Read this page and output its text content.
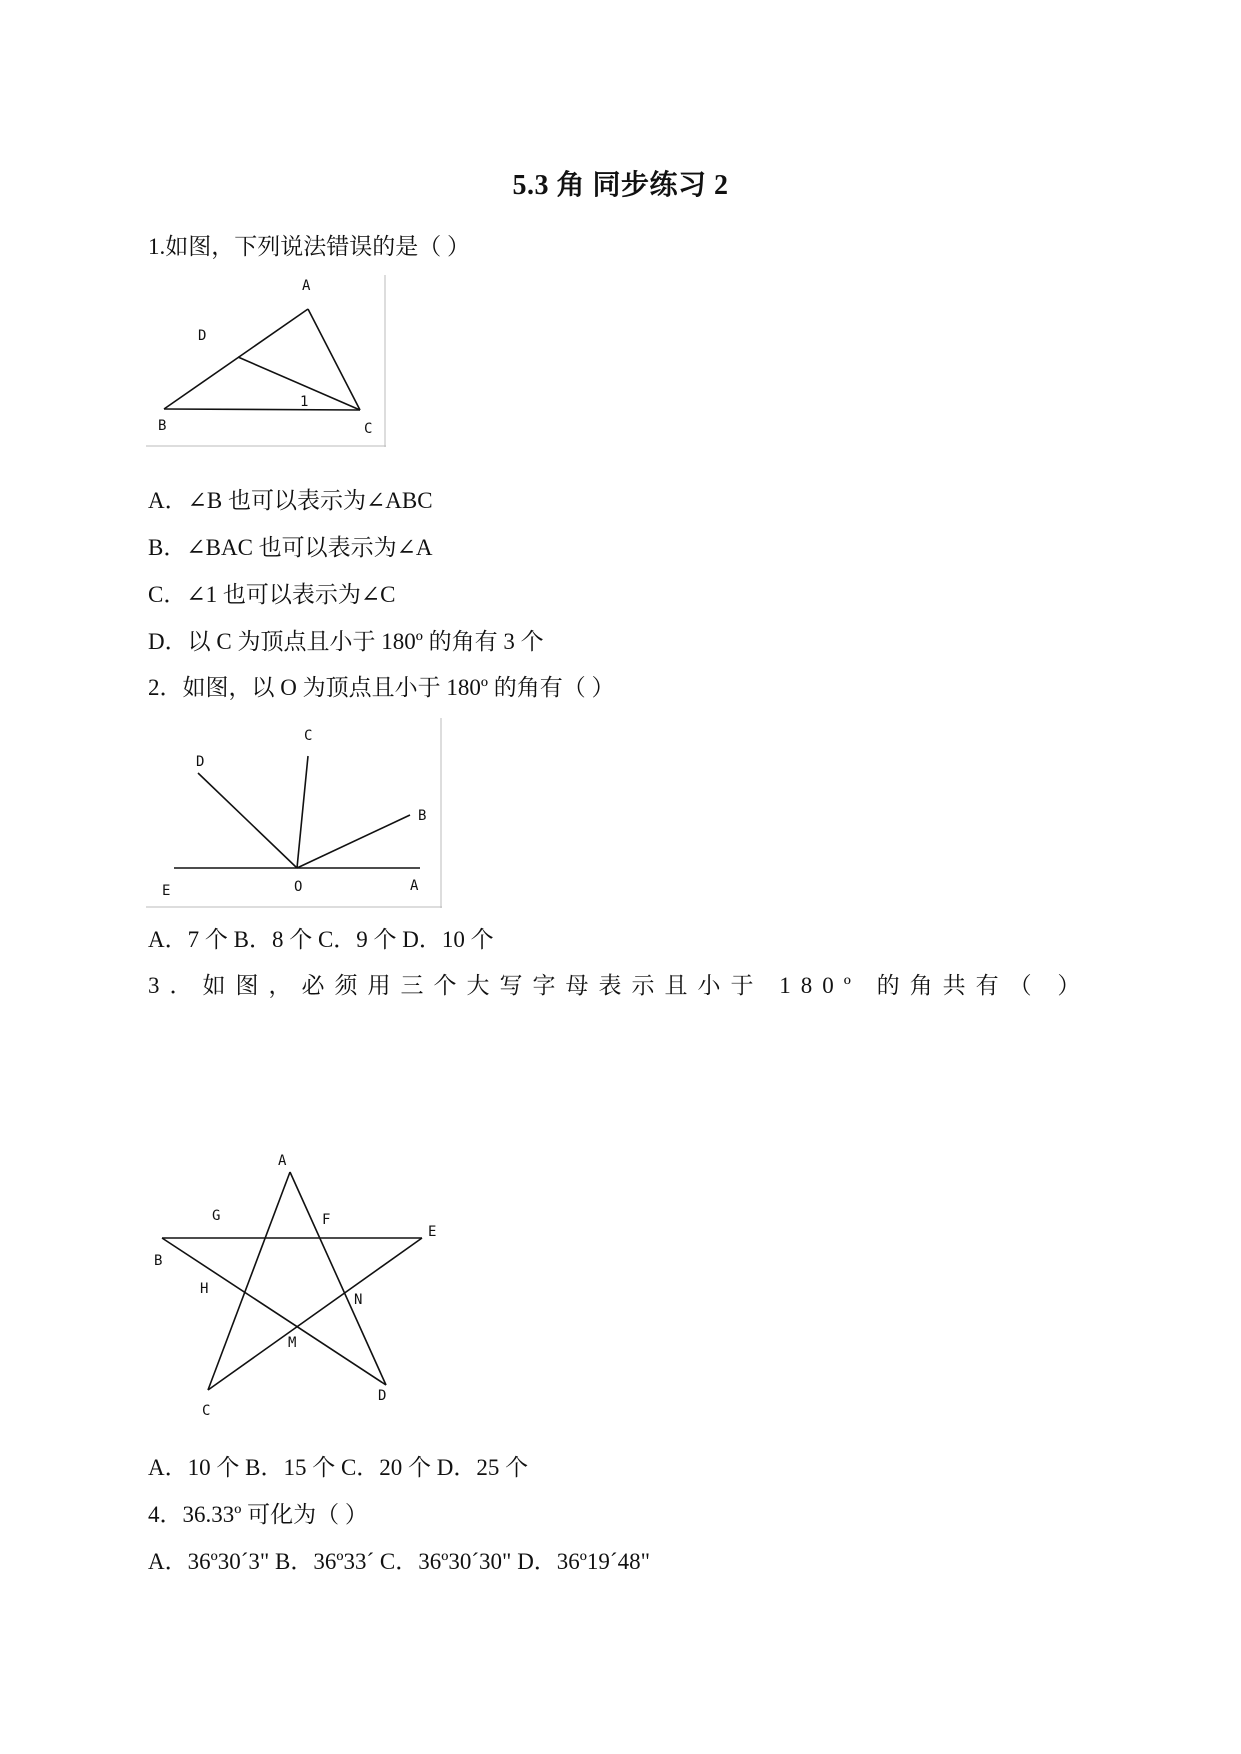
5.3 角 同步练习 2
1.如图，下列说法错误的是（ ）
A
D
B	C
1
A．∠B 也可以表示为∠ABC
B．∠BAC 也可以表示为∠A
C．∠1 也可以表示为∠C
D．以 C 为顶点且小于 180º 的角有 3 个
2．如图，以 O 为顶点且小于 180º 的角有（ ）
D
C
B
E	O	A
A．7 个 B．8 个 C．9 个 D．10 个
3．如图，必须用三个大写字母表示且小于 180º 的角共有（ ）
A
G	F
E
B
H
N
M
C
D
A．10 个 B．15 个 C．20 个 D．25 个
4．36.33º 可化为（ ）
A．36º30´3" B．36º33´ C．36º30´30" D．36º19´48"
